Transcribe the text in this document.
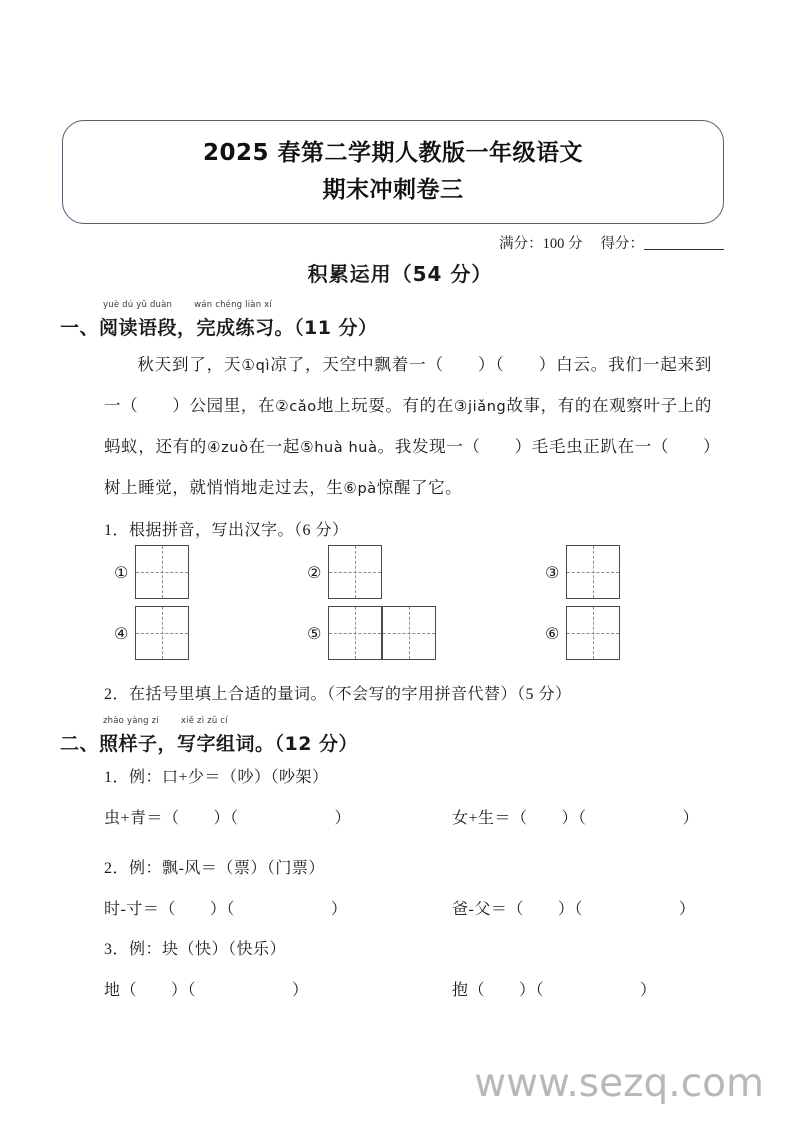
2025 春第二学期人教版一年级语文
期末冲刺卷三
满分：100 分 得分：
积累运用（54 分）
yuè dú yǔ duàn	wán chéng liàn xí
一、阅读语段，完成练习。（11 分）
秋天到了，天①qì凉了，天空中飘着一（ ）（ ）白云。我们一起来到一（ ）公园里，在②cǎo地上玩耍。有的在③jiǎng故事，有的在观察叶子上的蚂蚁，还有的④zuò在一起⑤huà huà。我发现一（ ）毛毛虫正趴在一（ ）树上睡觉，就悄悄地走过去，生⑥pà惊醒了它。
1．根据拼音，写出汉字。（6 分）
①	②	③
④	⑤	⑥
2．在括号里填上合适的量词。（不会写的字用拼音代替）（5 分）
zhào yàng zi	xiě zì zǔ cí
二、照样子，写字组词。（12 分）
1．例：口+少＝（吵）（吵架）
虫+青＝（ ）（	）	女+生＝（ ）（	）
2．例：飘-风＝（票）（门票）
时-寸＝（ ）（	）	爸-父＝（ ）（	）
3．例：块（快）（快乐）
地（ ）（	）	抱（ ）（	）
www.sezq.com
